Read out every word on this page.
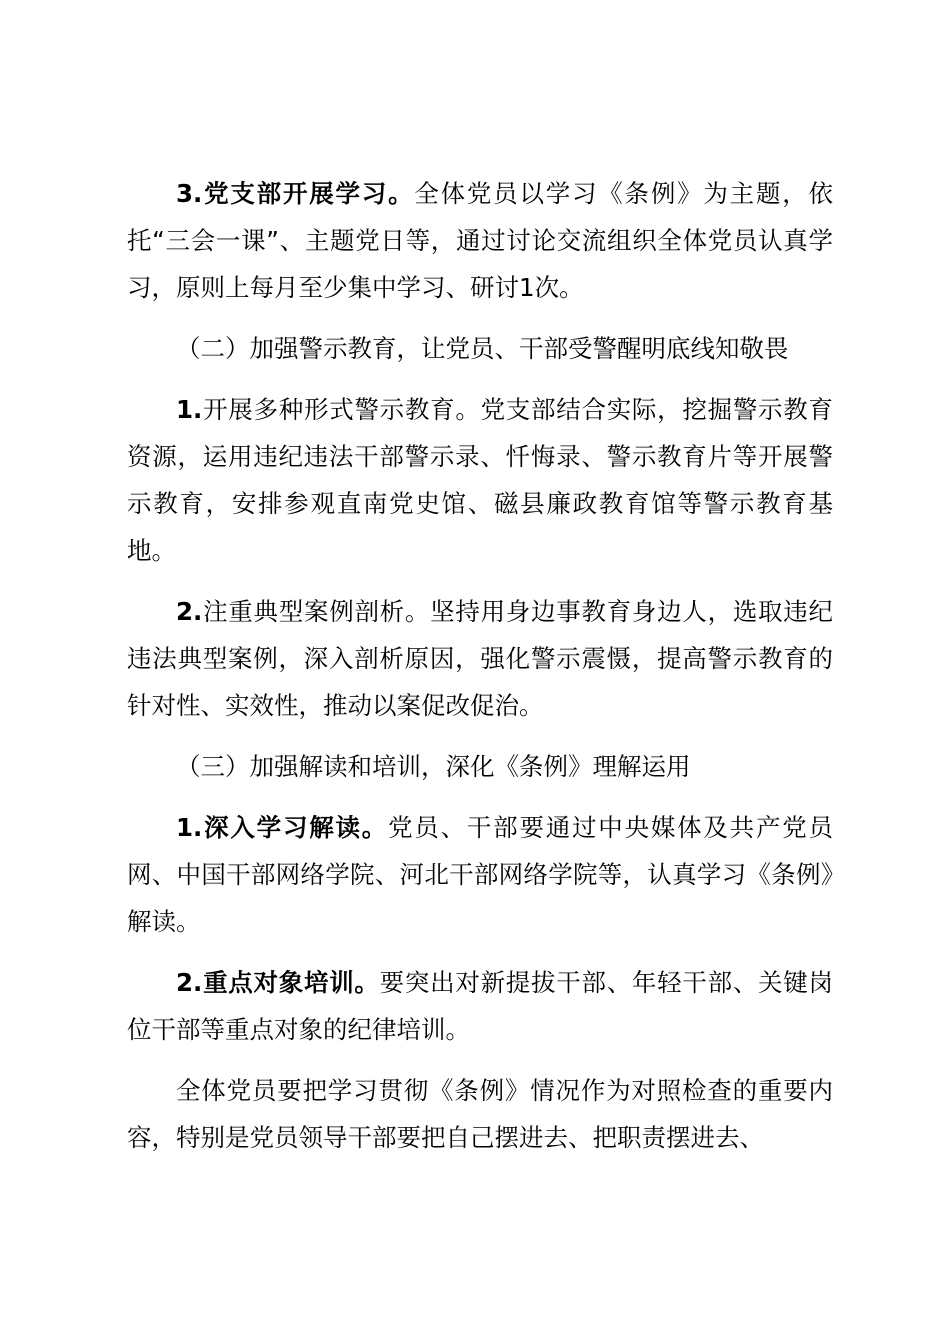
3.党支部开展学习。全体党员以学习《条例》为主题，依托“三会一课”、主题党日等，通过讨论交流组织全体党员认真学习，原则上每月至少集中学习、研讨1次。

（二）加强警示教育，让党员、干部受警醒明底线知敬畏

1.开展多种形式警示教育。党支部结合实际，挖掘警示教育资源，运用违纪违法干部警示录、忏悔录、警示教育片等开展警示教育，安排参观直南党史馆、磁县廉政教育馆等警示教育基地。

2.注重典型案例剖析。坚持用身边事教育身边人，选取违纪违法典型案例，深入剖析原因，强化警示震慑，提高警示教育的针对性、实效性，推动以案促改促治。

（三）加强解读和培训，深化《条例》理解运用

1.深入学习解读。党员、干部要通过中央媒体及共产党员网、中国干部网络学院、河北干部网络学院等，认真学习《条例》解读。

2.重点对象培训。要突出对新提拔干部、年轻干部、关键岗位干部等重点对象的纪律培训。

全体党员要把学习贯彻《条例》情况作为对照检查的重要内容，特别是党员领导干部要把自己摆进去、把职责摆进去、
